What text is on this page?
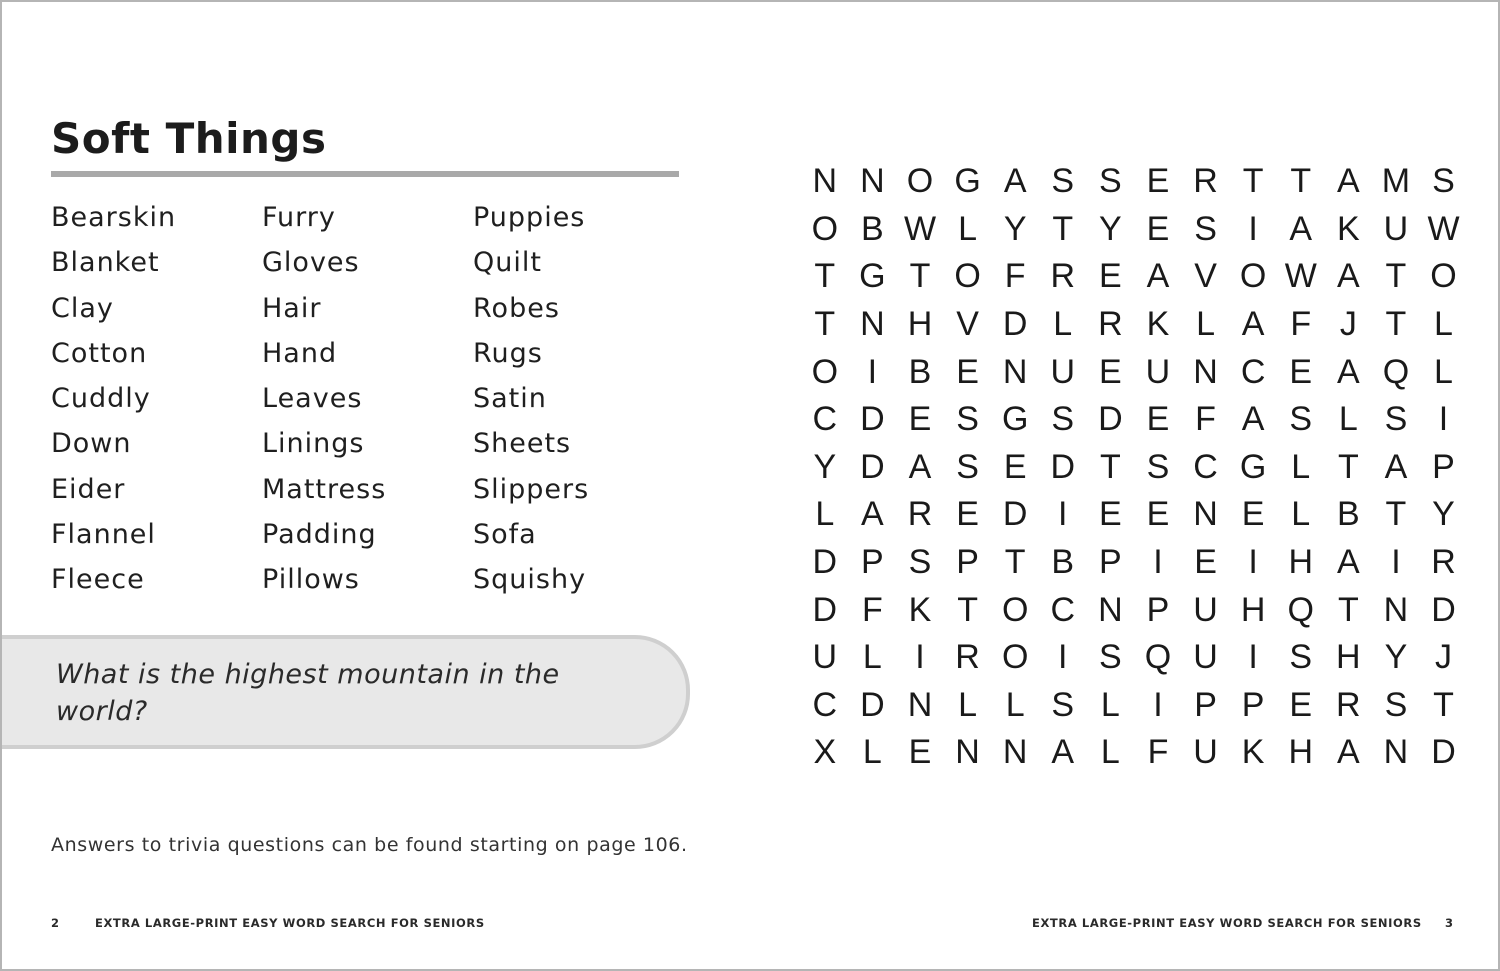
Soft Things
Bearskin
Blanket
Clay
Cotton
Cuddly
Down
Eider
Flannel
Fleece
Furry
Gloves
Hair
Hand
Leaves
Linings
Mattress
Padding
Pillows
Puppies
Quilt
Robes
Rugs
Satin
Sheets
Slippers
Sofa
Squishy
What is the highest mountain in the world?
Answers to trivia questions can be found starting on page 106.
2	EXTRA LARGE-PRINT EASY WORD SEARCH FOR SENIORS	EXTRA LARGE-PRINT EASY WORD SEARCH FOR SENIORS 3
N N O G A S S E R T T A M S
O B W L Y T Y E S I A K U W
T G T O F R E A V O W A T O
T N H V D L R K L A F J T L
O I B E N U E U N C E A Q L
C D E S G S D E F A S L S I
Y D A S E D T S C G L T A P
L A R E D I E E N E L B T Y
D P S P T B P I E I H A I R
D F K T O C N P U H Q T N D
U L I R O I S Q U I S H Y J
C D N L L S L I P P E R S T
X L E N N A L F U K H A N D
